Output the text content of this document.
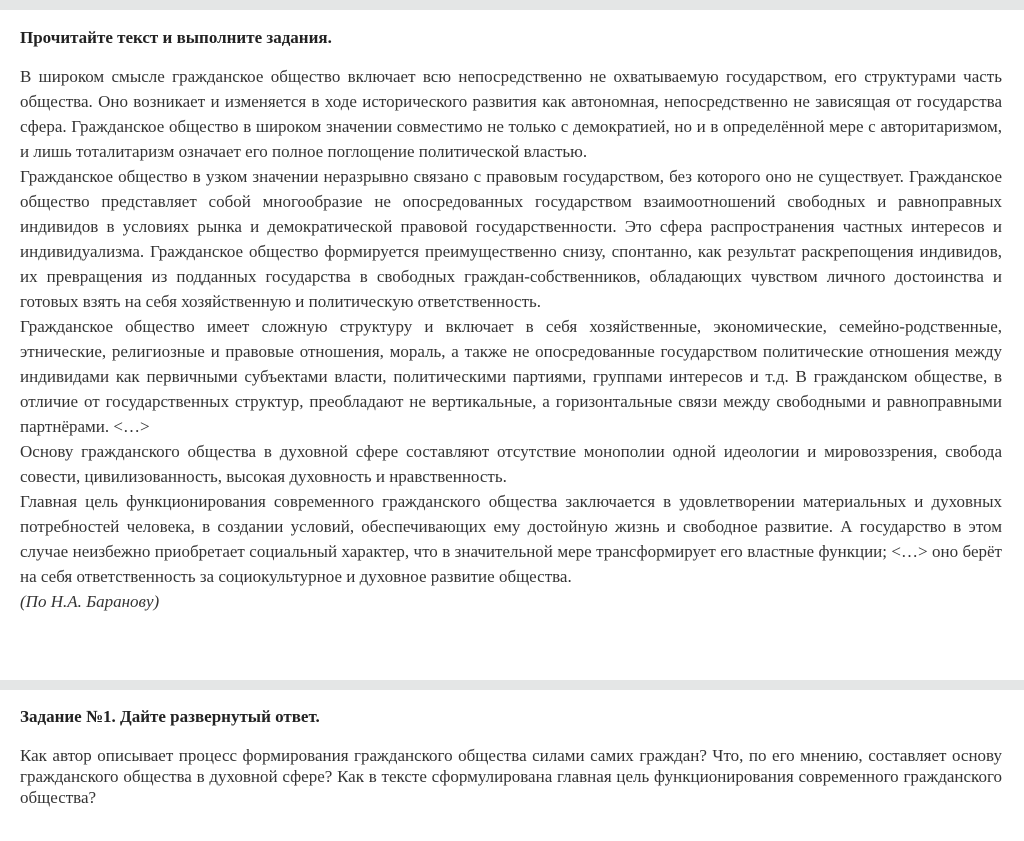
Прочитайте текст и выполните задания.

В широком смысле гражданское общество включает всю непосредственно не охватываемую государством, его структурами часть общества. Оно возникает и изменяется в ходе исторического развития как автономная, непосредственно не зависящая от государства сфера. Гражданское общество в широком значении совместимо не только с демократией, но и в определённой мере с авторитаризмом, и лишь тоталитаризм означает его полное поглощение политической властью.

Гражданское общество в узком значении неразрывно связано с правовым государством, без которого оно не существует. Гражданское общество представляет собой многообразие не опосредованных государством взаимоотношений свободных и равноправных индивидов в условиях рынка и демократической правовой государственности. Это сфера распространения частных интересов и индивидуализма. Гражданское общество формируется преимущественно снизу, спонтанно, как результат раскрепощения индивидов, их превращения из подданных государства в свободных граждан-собственников, обладающих чувством личного достоинства и готовых взять на себя хозяйственную и политическую ответственность.

Гражданское общество имеет сложную структуру и включает в себя хозяйственные, экономические, семейно-родственные, этнические, религиозные и правовые отношения, мораль, а также не опосредованные государством политические отношения между индивидами как первичными субъектами власти, политическими партиями, группами интересов и т.д. В гражданском обществе, в отличие от государственных структур, преобладают не вертикальные, а горизонтальные связи между свободными и равноправными партнёрами. <…>

Основу гражданского общества в духовной сфере составляют отсутствие монополии одной идеологии и мировоззрения, свобода совести, цивилизованность, высокая духовность и нравственность.

Главная цель функционирования современного гражданского общества заключается в удовлетворении материальных и духовных потребностей человека, в создании условий, обеспечивающих ему достойную жизнь и свободное развитие. А государство в этом случае неизбежно приобретает социальный характер, что в значительной мере трансформирует его властные функции; <…> оно берёт на себя ответственность за социокультурное и духовное развитие общества.

(По Н.А. Баранову)

Задание №1. Дайте развернутый ответ.

Как автор описывает процесс формирования гражданского общества силами самих граждан? Что, по его мнению, составляет основу гражданского общества в духовной сфере? Как в тексте сформулирована главная цель функционирования современного гражданского общества?
